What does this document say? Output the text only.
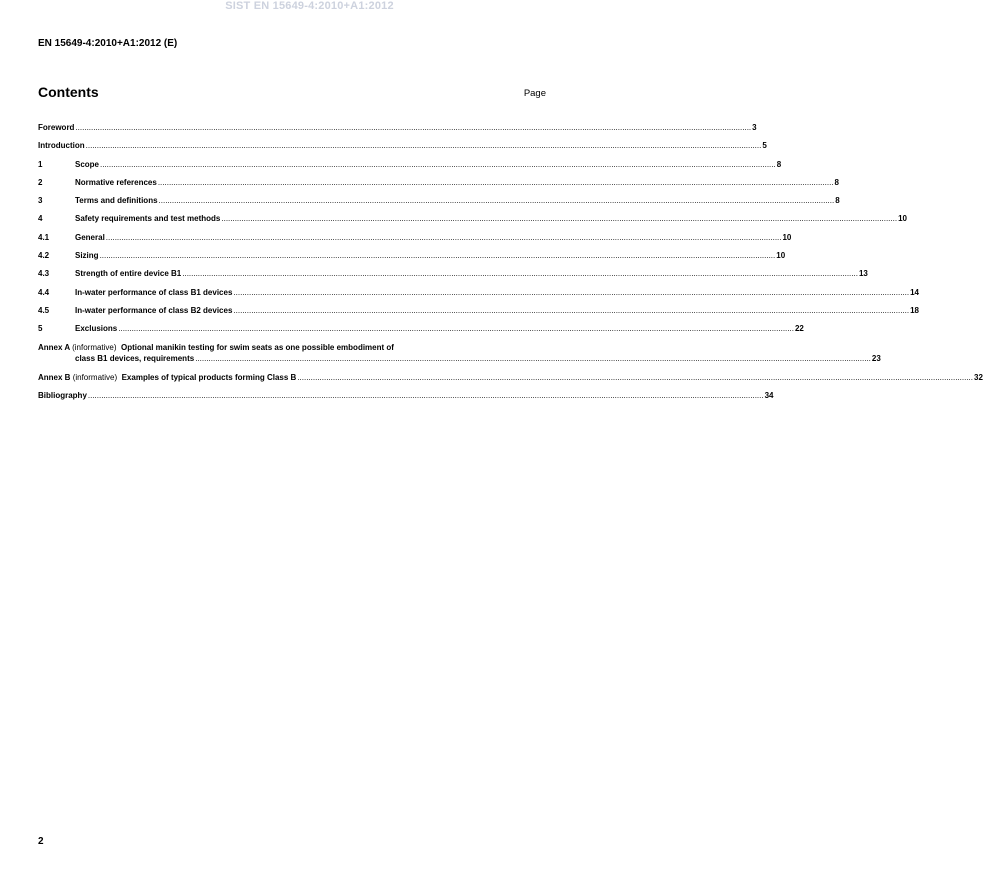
SIST EN 15649-4:2010+A1:2012
EN 15649-4:2010+A1:2012 (E)
Contents	Page
Foreword .....	3
Introduction .....	5
1	Scope .....	8
2	Normative references .....	8
3	Terms and definitions .....	8
4	Safety requirements and test methods .....	10
4.1	General .....	10
4.2	Sizing .....	10
4.3	Strength of entire device B1 .....	13
4.4	In-water performance of class B1 devices .....	14
4.5	In-water performance of class B2 devices .....	18
5	Exclusions .....	22
Annex A (informative) Optional manikin testing for swim seats as one possible embodiment of
class B1 devices, requirements .....	23
Annex B (informative) Examples of typical products forming Class B .....	32
Bibliography .....	34
2
